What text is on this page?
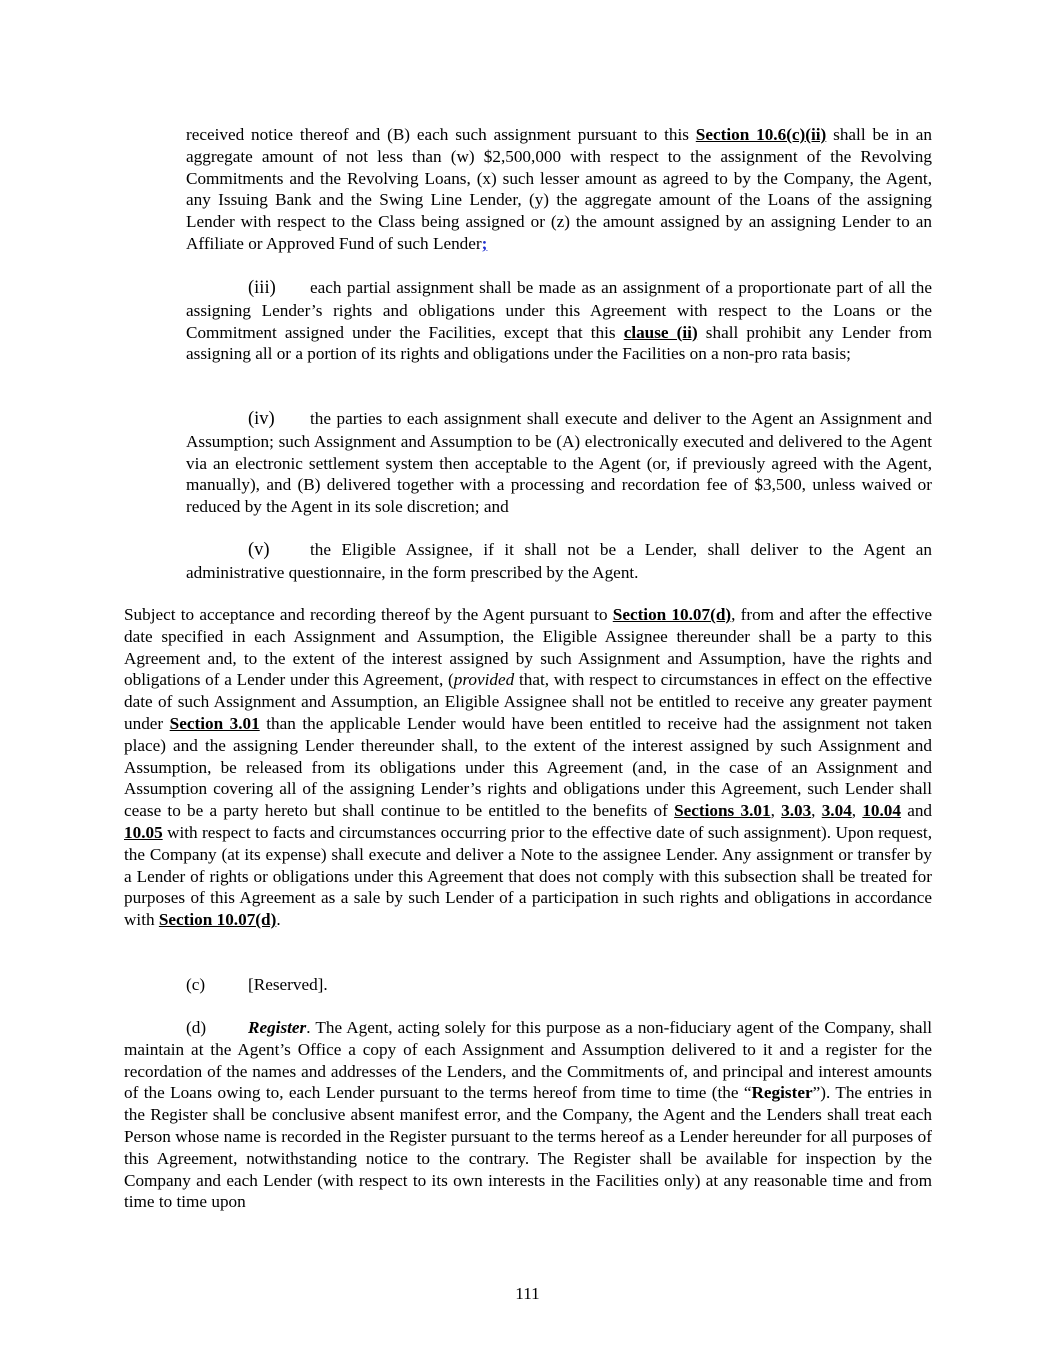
received notice thereof and (B) each such assignment pursuant to this Section 10.6(c)(ii) shall be in an aggregate amount of not less than (w) $2,500,000 with respect to the assignment of the Revolving Commitments and the Revolving Loans, (x) such lesser amount as agreed to by the Company, the Agent, any Issuing Bank and the Swing Line Lender, (y) the aggregate amount of the Loans of the assigning Lender with respect to the Class being assigned or (z) the amount assigned by an assigning Lender to an Affiliate or Approved Fund of such Lender;

(iii) each partial assignment shall be made as an assignment of a proportionate part of all the assigning Lender’s rights and obligations under this Agreement with respect to the Loans or the Commitment assigned under the Facilities, except that this clause (ii) shall prohibit any Lender from assigning all or a portion of its rights and obligations under the Facilities on a non-pro rata basis;

(iv) the parties to each assignment shall execute and deliver to the Agent an Assignment and Assumption; such Assignment and Assumption to be (A) electronically executed and delivered to the Agent via an electronic settlement system then acceptable to the Agent (or, if previously agreed with the Agent, manually), and (B) delivered together with a processing and recordation fee of $3,500, unless waived or reduced by the Agent in its sole discretion; and

(v) the Eligible Assignee, if it shall not be a Lender, shall deliver to the Agent an administrative questionnaire, in the form prescribed by the Agent.

Subject to acceptance and recording thereof by the Agent pursuant to Section 10.07(d), from and after the effective date specified in each Assignment and Assumption, the Eligible Assignee thereunder shall be a party to this Agreement and, to the extent of the interest assigned by such Assignment and Assumption, have the rights and obligations of a Lender under this Agreement, (provided that, with respect to circumstances in effect on the effective date of such Assignment and Assumption, an Eligible Assignee shall not be entitled to receive any greater payment under Section 3.01 than the applicable Lender would have been entitled to receive had the assignment not taken place) and the assigning Lender thereunder shall, to the extent of the interest assigned by such Assignment and Assumption, be released from its obligations under this Agreement (and, in the case of an Assignment and Assumption covering all of the assigning Lender’s rights and obligations under this Agreement, such Lender shall cease to be a party hereto but shall continue to be entitled to the benefits of Sections 3.01, 3.03, 3.04, 10.04 and 10.05 with respect to facts and circumstances occurring prior to the effective date of such assignment). Upon request, the Company (at its expense) shall execute and deliver a Note to the assignee Lender. Any assignment or transfer by a Lender of rights or obligations under this Agreement that does not comply with this subsection shall be treated for purposes of this Agreement as a sale by such Lender of a participation in such rights and obligations in accordance with Section 10.07(d).

(c) [Reserved].

(d) Register. The Agent, acting solely for this purpose as a non-fiduciary agent of the Company, shall maintain at the Agent’s Office a copy of each Assignment and Assumption delivered to it and a register for the recordation of the names and addresses of the Lenders, and the Commitments of, and principal and interest amounts of the Loans owing to, each Lender pursuant to the terms hereof from time to time (the “Register”). The entries in the Register shall be conclusive absent manifest error, and the Company, the Agent and the Lenders shall treat each Person whose name is recorded in the Register pursuant to the terms hereof as a Lender hereunder for all purposes of this Agreement, notwithstanding notice to the contrary. The Register shall be available for inspection by the Company and each Lender (with respect to its own interests in the Facilities only) at any reasonable time and from time to time upon

111
